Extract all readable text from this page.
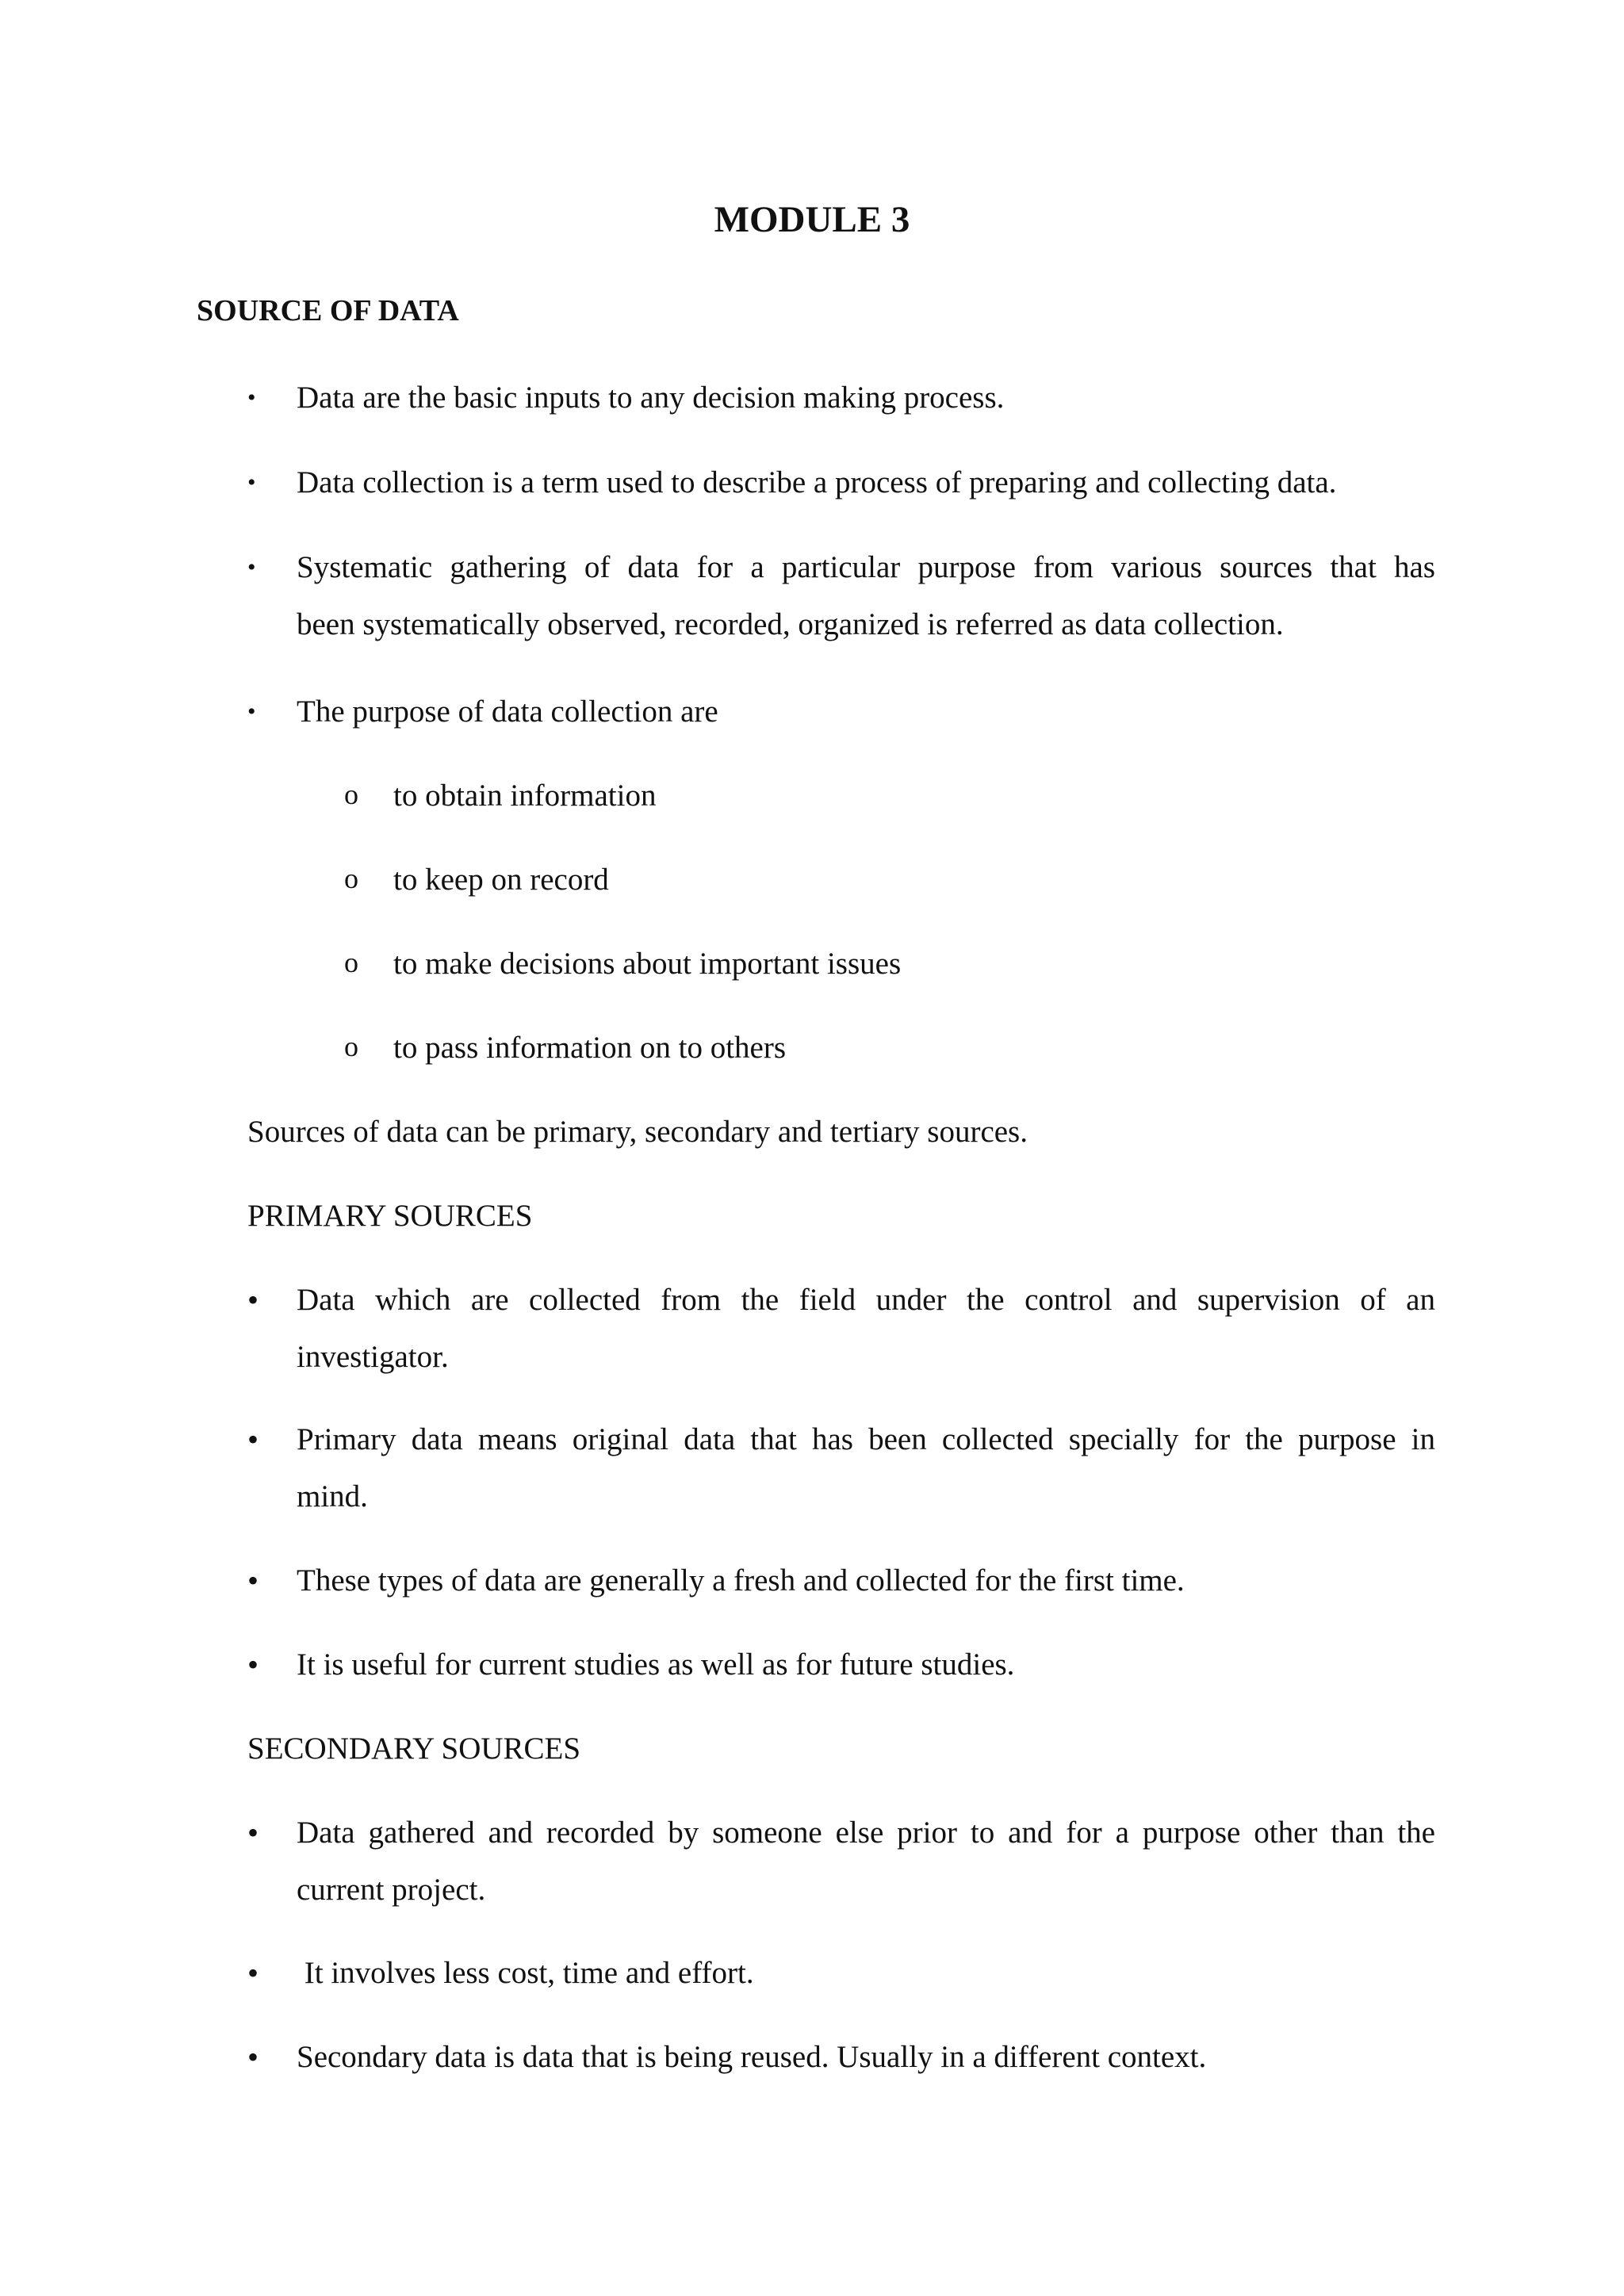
MODULE 3
SOURCE OF DATA
•	Data are the basic inputs to any decision making process.
•	Data collection is a term used to describe a process of preparing and collecting data.
•	Systematic gathering of data for a particular purpose from various sources that has
been systematically observed, recorded, organized is referred as data collection.
•	The purpose of data collection are
o to obtain information
o to keep on record
o to make decisions about important issues
o to pass information on to others

Sources of data can be primary, secondary and tertiary sources.

PRIMARY SOURCES

•	Data which are collected from the field under the control and supervision of an
investigator.
•	Primary data means original data that has been collected specially for the purpose in
mind.
•	These types of data are generally a fresh and collected for the first time.
•	It is useful for current studies as well as for future studies.

SECONDARY SOURCES

•	Data gathered and recorded by someone else prior to and for a purpose other than the
current project.
•	It involves less cost, time and effort.
•	Secondary data is data that is being reused. Usually in a different context.
